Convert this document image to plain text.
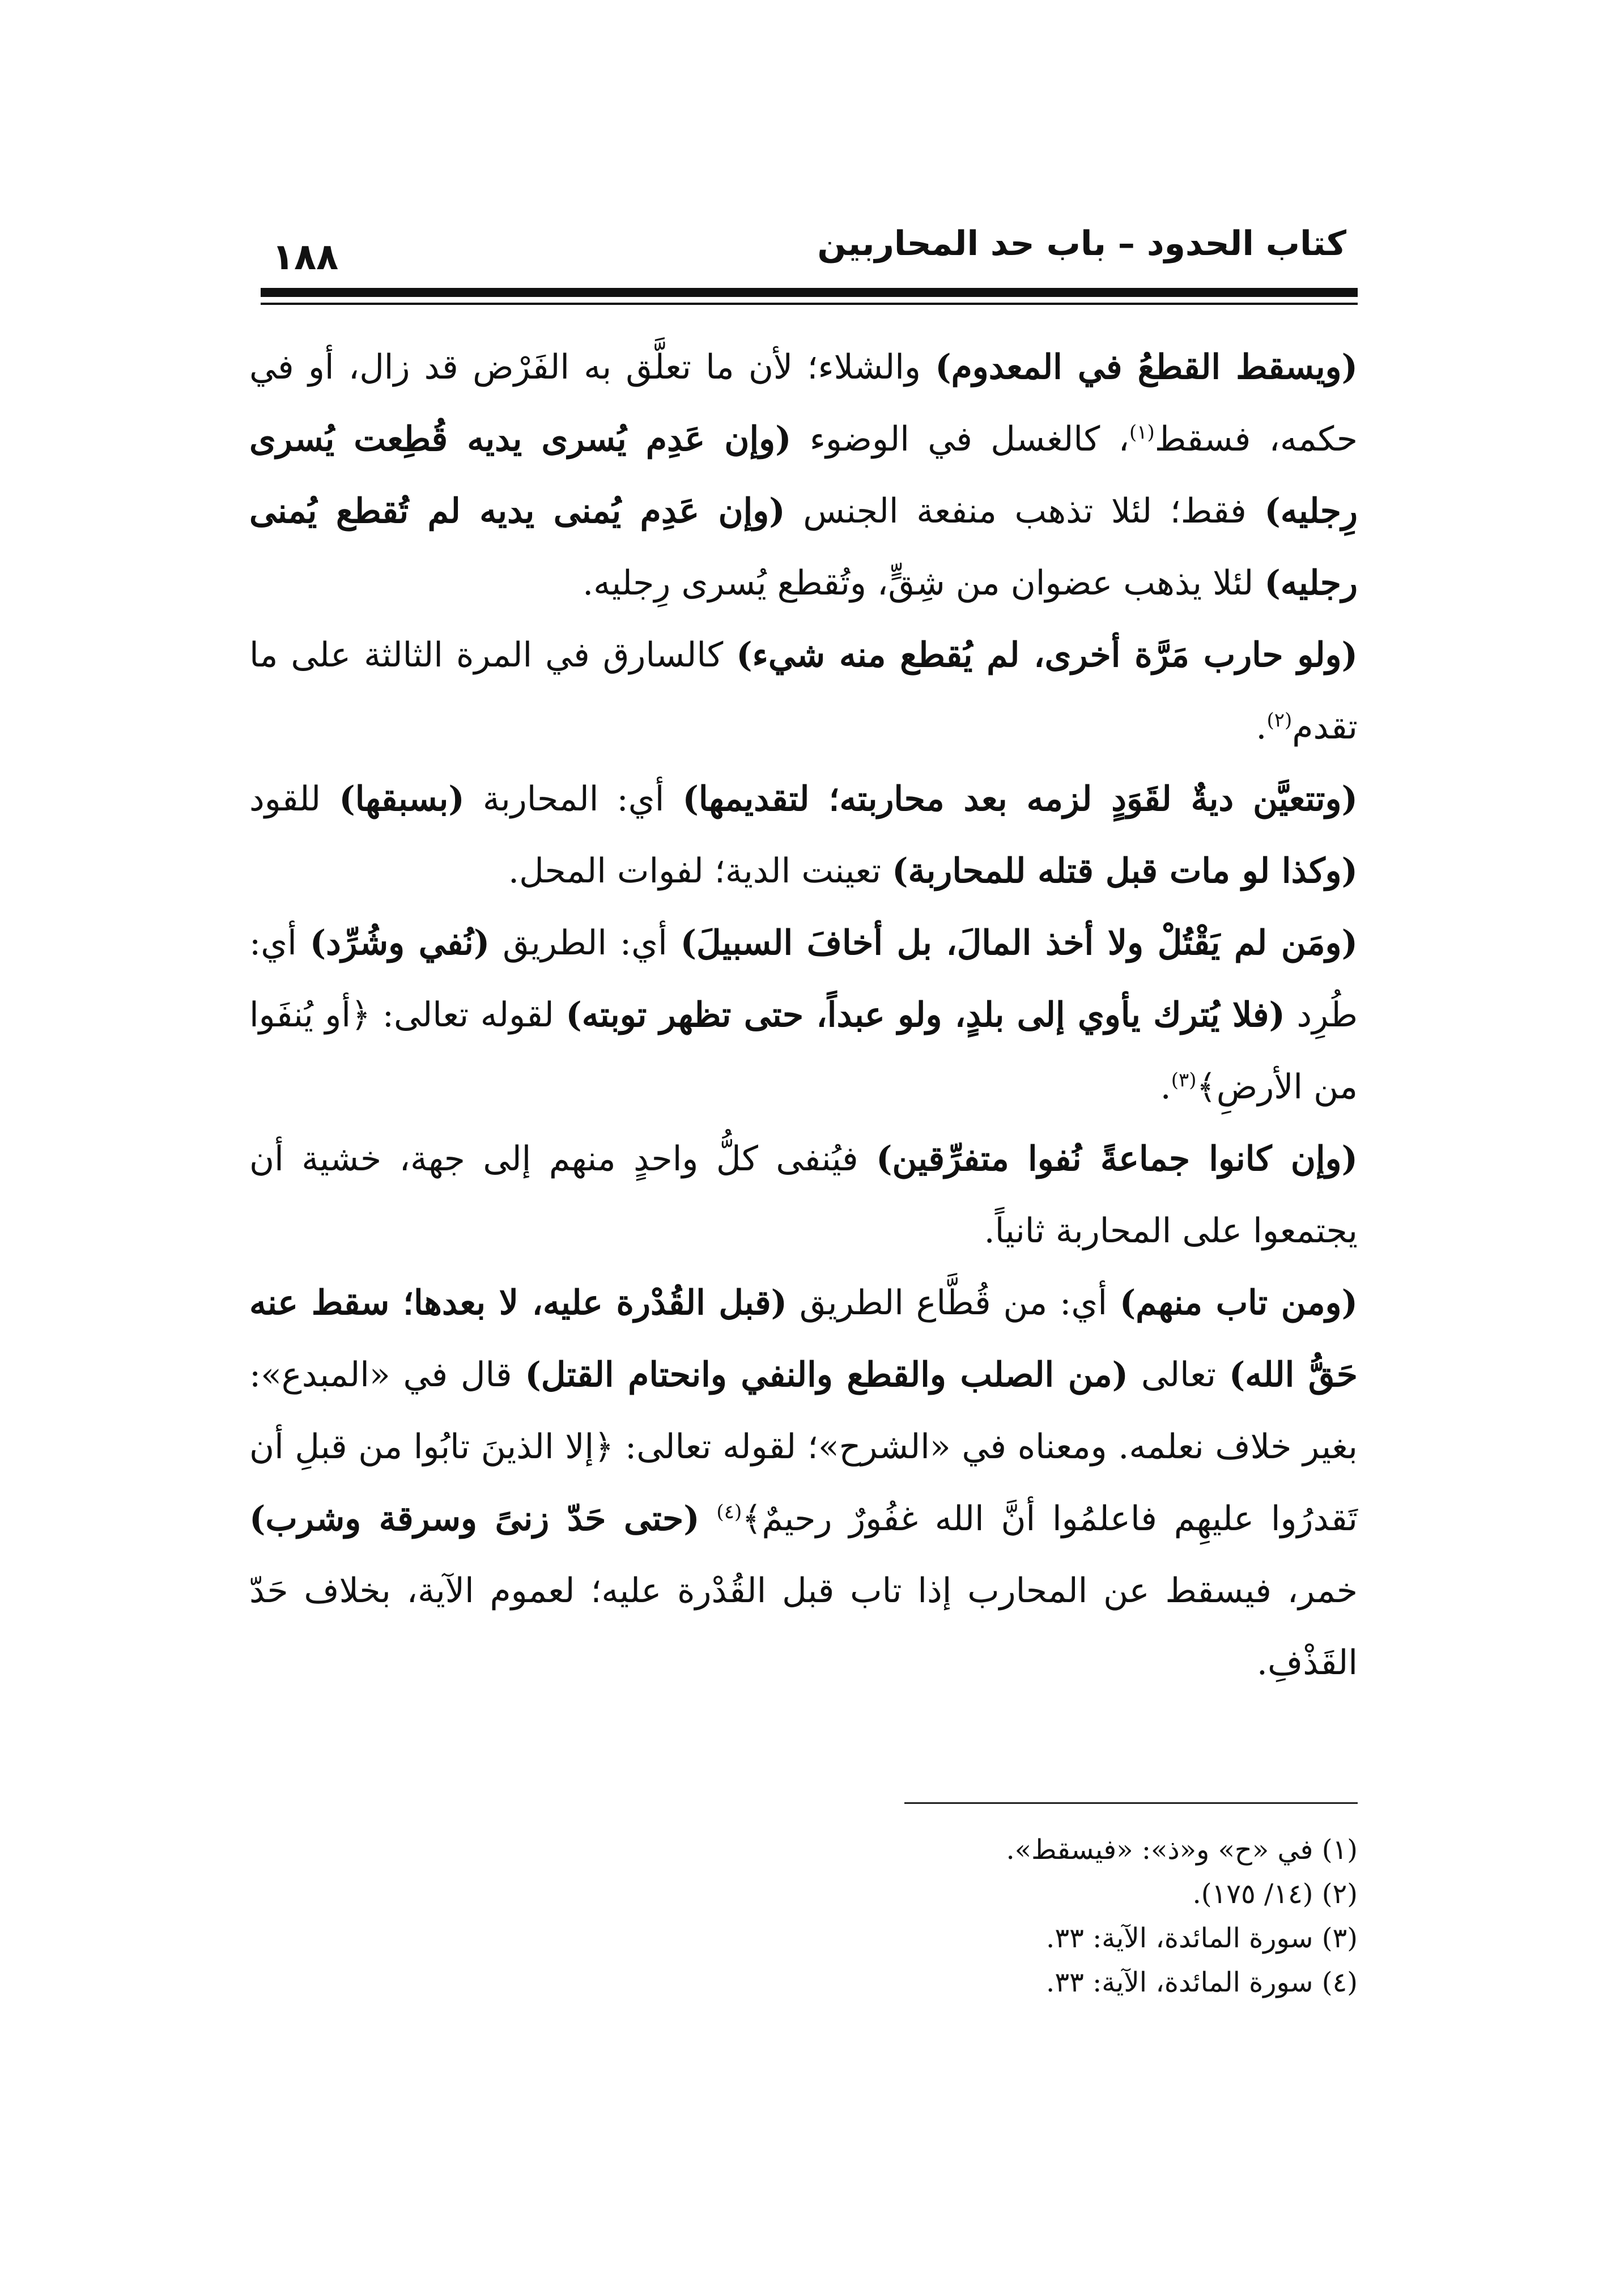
كتاب الحدود – باب حد المحاربين
١٨٨

(ويسقط القطعُ في المعدوم) والشلاء؛ لأن ما تعلَّق به الفَرْض قد زال، أو في حكمه، فسقط$^{(١)}$، كالغسل في الوضوء (وإن عَدِم يُسرى يديه قُطِعت يُسرى رِجليه) فقط؛ لئلا تذهب منفعة الجنس (وإن عَدِم يُمنى يديه لم تُقطع يُمنى رجليه) لئلا يذهب عضوان من شِقٍّ، وتُقطع يُسرى رِجليه.

(ولو حارب مَرَّة أخرى، لم يُقطع منه شيء) كالسارق في المرة الثالثة على ما تقدم$^{(٢)}$.

(وتتعيَّن ديةٌ لقَوَدٍ لزمه بعد محاربته؛ لتقديمها) أي: المحاربة (بسبقها) للقود (وكذا لو مات قبل قتله للمحاربة) تعينت الدية؛ لفوات المحل.

(ومَن لم يَقْتُلْ ولا أخذ المالَ، بل أخافَ السبيلَ) أي: الطريق (نُفي وشُرِّد) أي: طُرِد (فلا يُترك يأوي إلى بلدٍ، ولو عبداً، حتى تظهر توبته) لقوله تعالى: ﴿أو يُنفَوا من الأرضِ﴾$^{(٣)}$.

(وإن كانوا جماعةً نُفوا متفرِّقين) فيُنفى كلُّ واحدٍ منهم إلى جهة، خشية أن يجتمعوا على المحاربة ثانياً.

(ومن تاب منهم) أي: من قُطَّاع الطريق (قبل القُدْرة عليه، لا بعدها؛ سقط عنه حَقُّ الله) تعالى (من الصلب والقطع والنفي وانحتام القتل) قال في «المبدع»: بغير خلاف نعلمه. ومعناه في «الشرح»؛ لقوله تعالى: ﴿إلا الذينَ تابُوا من قبلِ أن تَقدرُوا عليهِم فاعلمُوا أنَّ الله غفُورٌ رحيمٌ﴾$^{(٤)}$ (حتى حَدّ زنىً وسرقة وشرب) خمر، فيسقط عن المحارب إذا تاب قبل القُدْرة عليه؛ لعموم الآية، بخلاف حَدّ القَذْفِ.

(١) في «ح» و«ذ»: «فيسقط».

(٢) (١٤/ ١٧٥).

(٣) سورة المائدة، الآية: ٣٣.

(٤) سورة المائدة، الآية: ٣٣.
